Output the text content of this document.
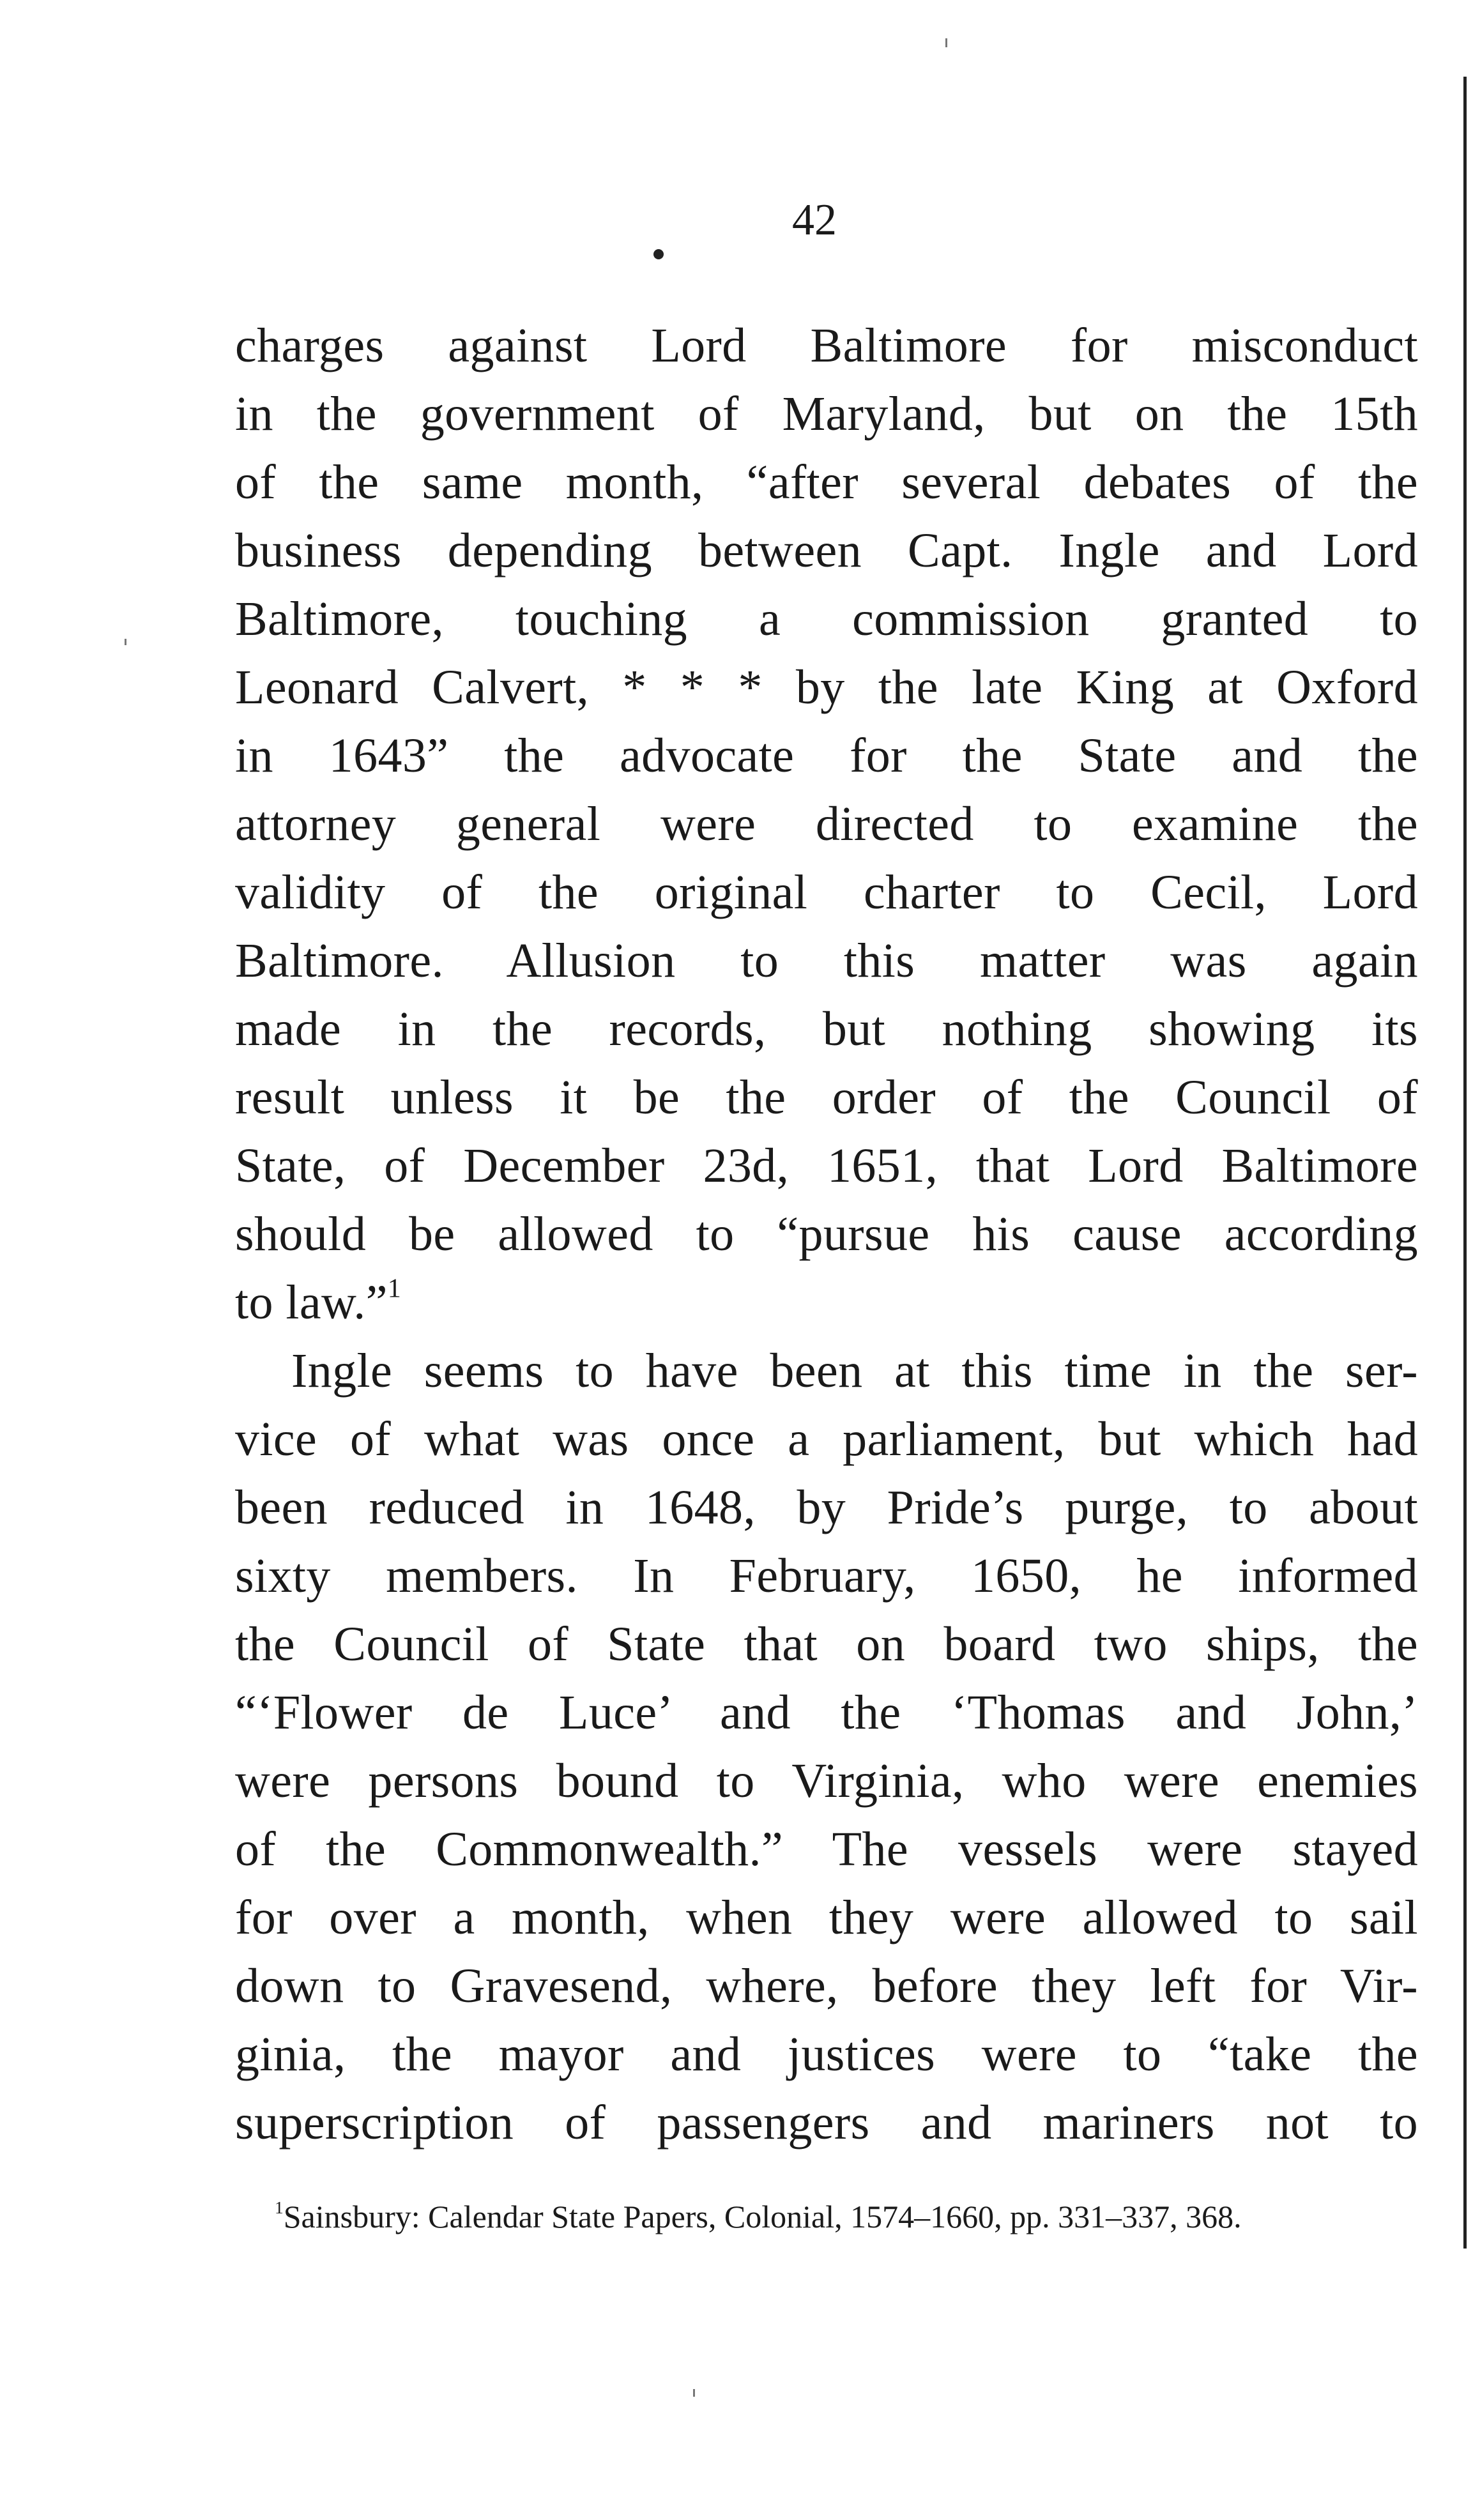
42
charges against Lord Baltimore for misconduct
in the government of Maryland, but on the 15th
of the same month, “after several debates of the
business depending between Capt. Ingle and Lord
Baltimore, touching a commission granted to
Leonard Calvert, * * * by the late King at Oxford
in 1643” the advocate for the State and the
attorney general were directed to examine the
validity of the original charter to Cecil, Lord
Baltimore. Allusion to this matter was again
made in the records, but nothing showing its
result unless it be the order of the Council of
State, of December 23d, 1651, that Lord Baltimore
should be allowed to “pursue his cause according
to law.”$^1$
Ingle seems to have been at this time in the ser-
vice of what was once a parliament, but which had
been reduced in 1648, by Pride’s purge, to about
sixty members. In February, 1650, he informed
the Council of State that on board two ships, the
“‘Flower de Luce’ and the ‘Thomas and John,’
were persons bound to Virginia, who were enemies
of the Commonwealth.” The vessels were stayed
for over a month, when they were allowed to sail
down to Gravesend, where, before they left for Vir-
ginia, the mayor and justices were to “take the
superscription of passengers and mariners not to
$^1$Sainsbury: Calendar State Papers, Colonial, 1574–1660, pp. 331–337, 368.
